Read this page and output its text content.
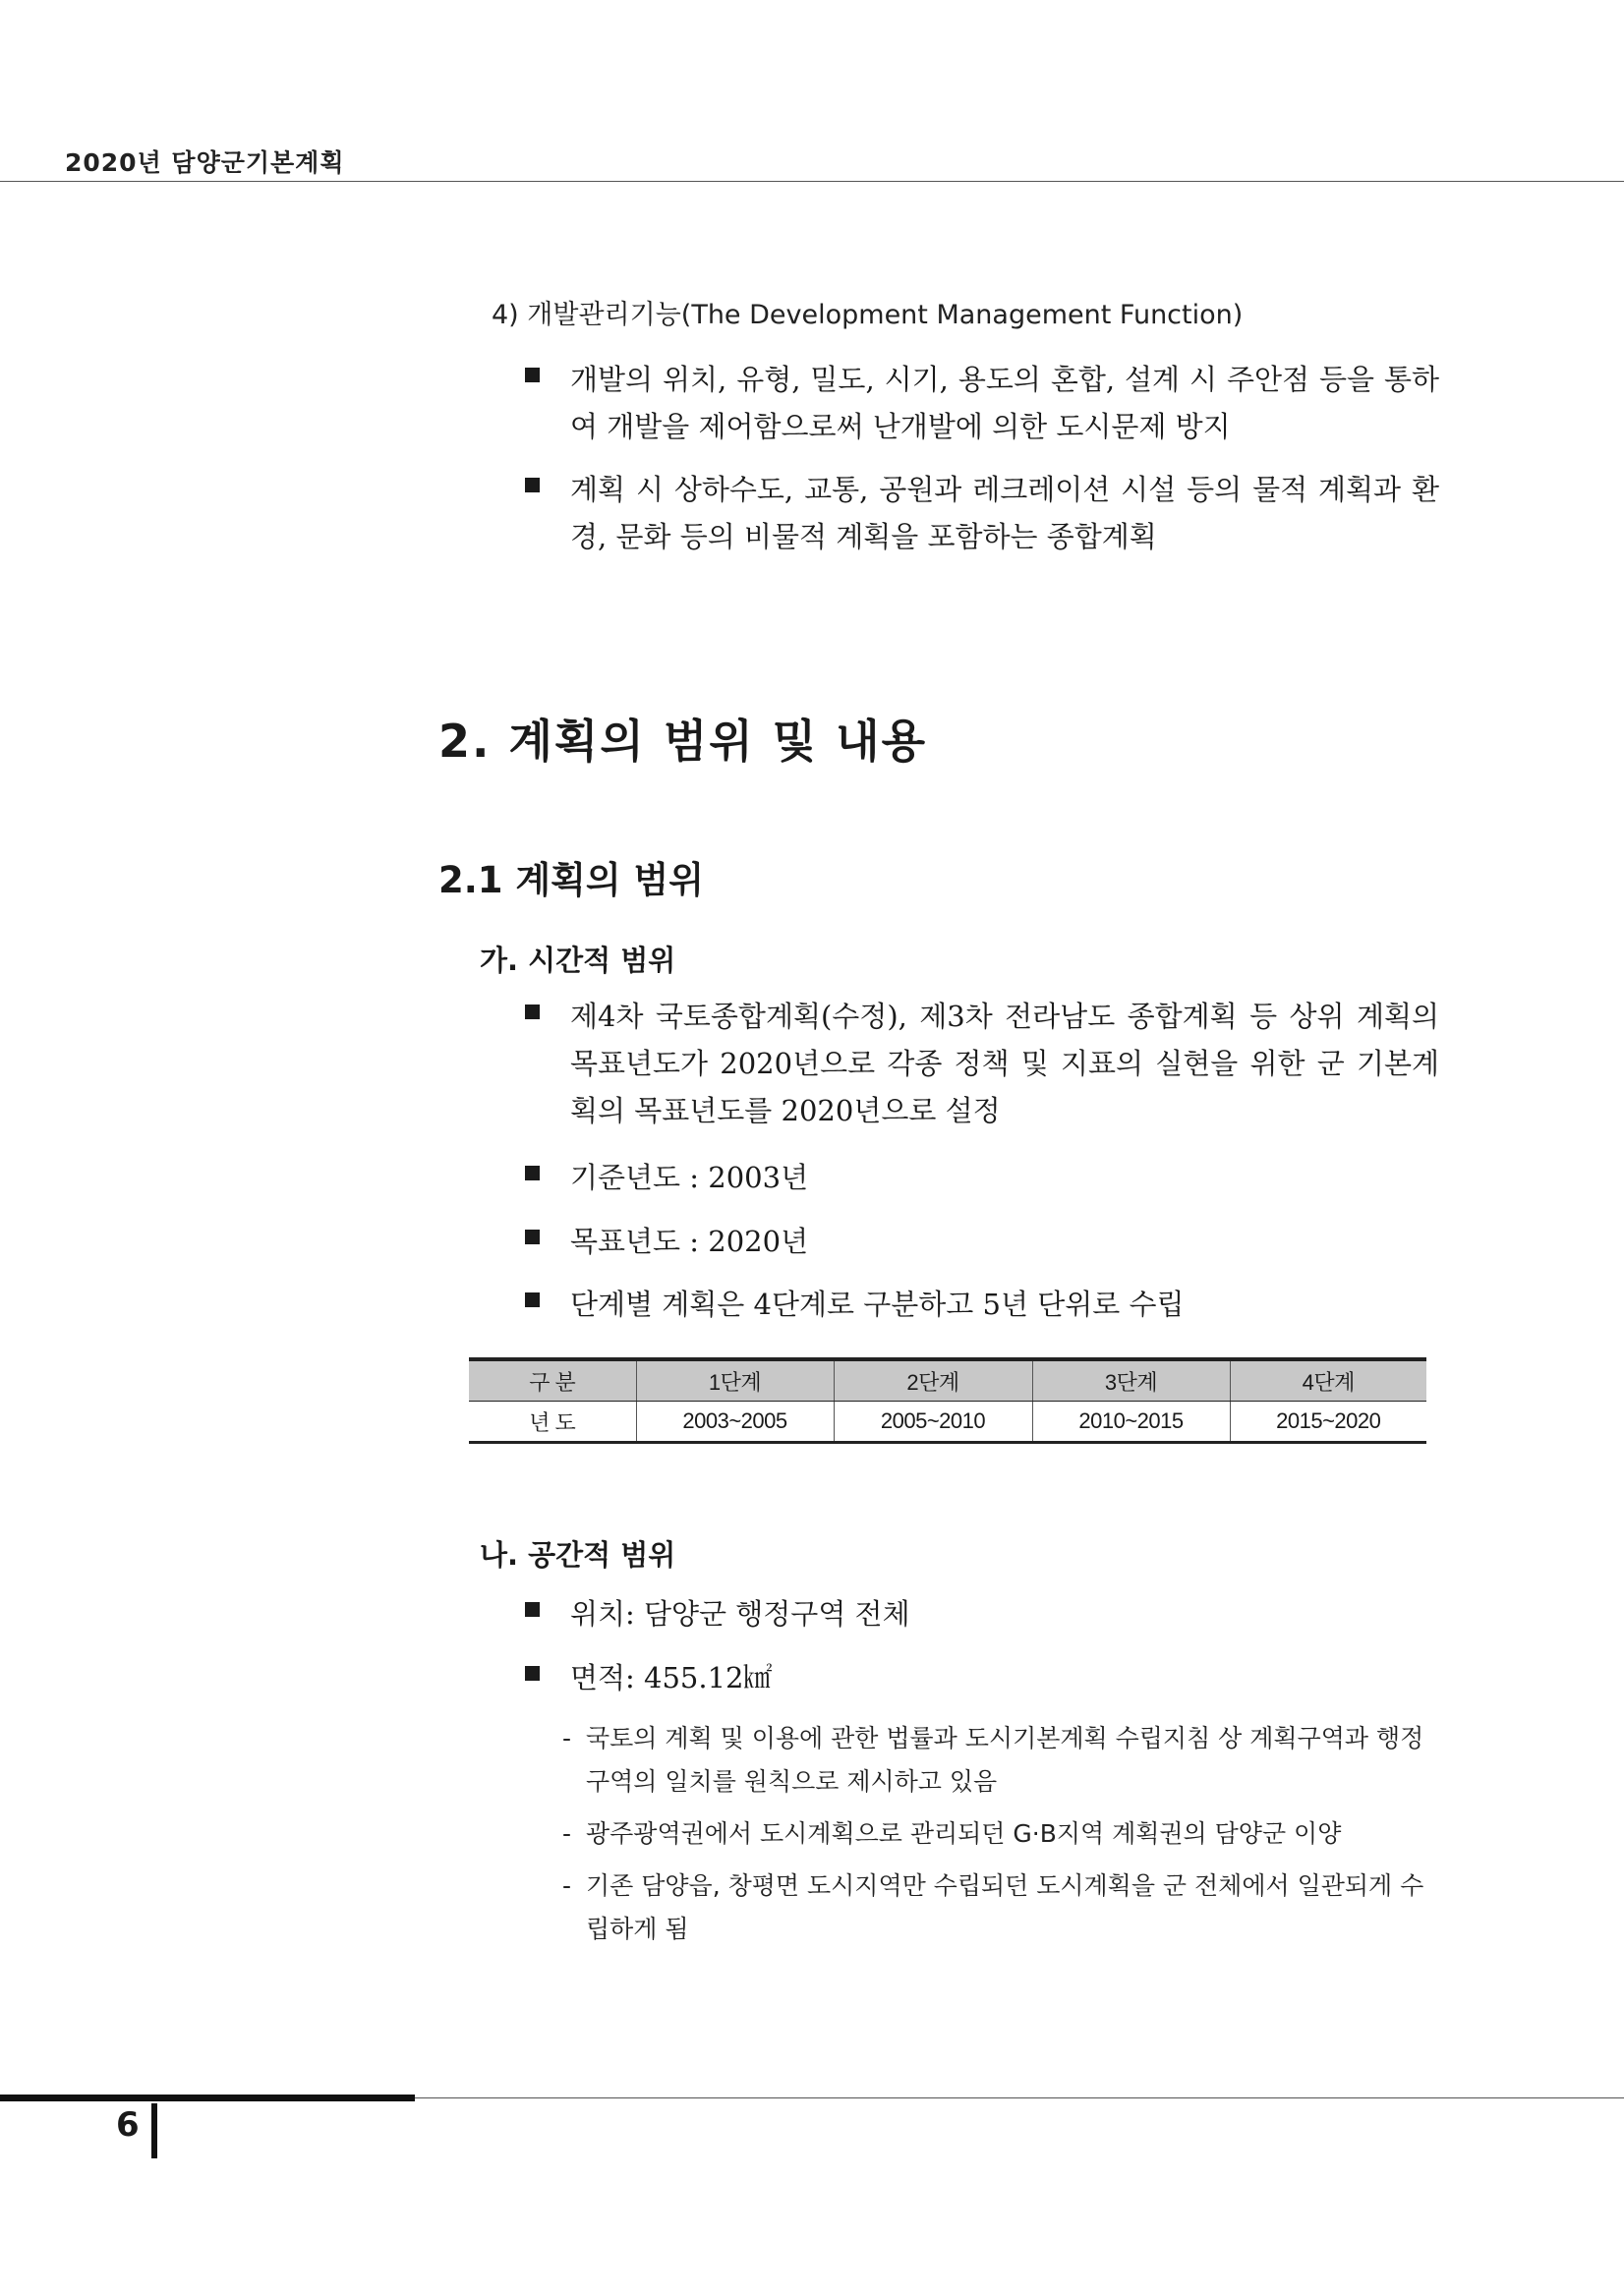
2020년 담양군기본계획
4) 개발관리기능(The Development Management Function)
개발의 위치, 유형, 밀도, 시기, 용도의 혼합, 설계 시 주안점 등을 통하여 개발을 제어함으로써 난개발에 의한 도시문제 방지
계획 시 상하수도, 교통, 공원과 레크레이션 시설 등의 물적 계획과 환경, 문화 등의 비물적 계획을 포함하는 종합계획
2. 계획의 범위 및 내용
2.1 계획의 범위
가. 시간적 범위
제4차 국토종합계획(수정), 제3차 전라남도 종합계획 등 상위 계획의 목표년도가 2020년으로 각종 정책 및 지표의 실현을 위한 군 기본계획의 목표년도를 2020년으로 설정
기준년도 : 2003년
목표년도 : 2020년
단계별 계획은 4단계로 구분하고 5년 단위로 수립
구 분	1단계	2단계	3단계	4단계
년 도	2003~2005	2005~2010	2010~2015	2015~2020
나. 공간적 범위
위치: 담양군 행정구역 전체
면적: 455.12㎢
- 국토의 계획 및 이용에 관한 법률과 도시기본계획 수립지침 상 계획구역과 행정구역의 일치를 원칙으로 제시하고 있음
- 광주광역권에서 도시계획으로 관리되던 G·B지역 계획권의 담양군 이양
- 기존 담양읍, 창평면 도시지역만 수립되던 도시계획을 군 전체에서 일관되게 수립하게 됨
6
